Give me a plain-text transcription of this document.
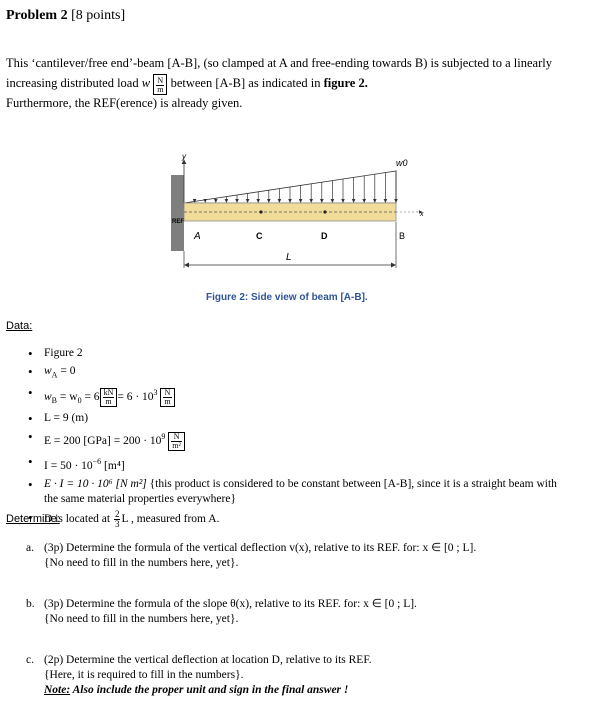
Problem 2 [8 points]
This ‘cantilever/free end’-beam [A-B], (so clamped at A and free-ending towards B) is subjected to a linearly
increasing distributed load w $\frac{N}{m}$ between [A-B] as indicated in figure 2.
Furthermore, the REF(erence) is already given.
y
x
w0
REF
A	C	D	B
L
Figure 2: Side view of beam [A-B].
Data:
• Figure 2
• $w_A = 0$
• $w_B = w_0 = 6 \frac{kN}{m} = 6 \cdot 10^3 \frac{N}{m}$
• L = 9 (m)
• E = 200 $[GPa] = 200 \cdot 10^9 \frac{N}{\text{m²}}$
• $I = 50 \cdot 10^{-6}$ [m⁴]
• E · I = 10 · 10⁶ [N m²] {this product is considered to be constant between [A-B], since it is a straight beam with
the same material properties everywhere}
• D is located at $\frac{2}{3}$ L , measured from A.
Determine:
a. (3p) Determine the formula of the vertical deflection v(x), relative to its REF. for: x ∈ [0 ; L].
{No need to fill in the numbers here, yet}.
b. (3p) Determine the formula of the slope θ(x), relative to its REF. for: x ∈ [0 ; L].
{No need to fill in the numbers here, yet}.
c. (2p) Determine the vertical deflection at location D, relative to its REF.
{Here, it is required to fill in the numbers}.
Note: Also include the proper unit and sign in the final answer !
